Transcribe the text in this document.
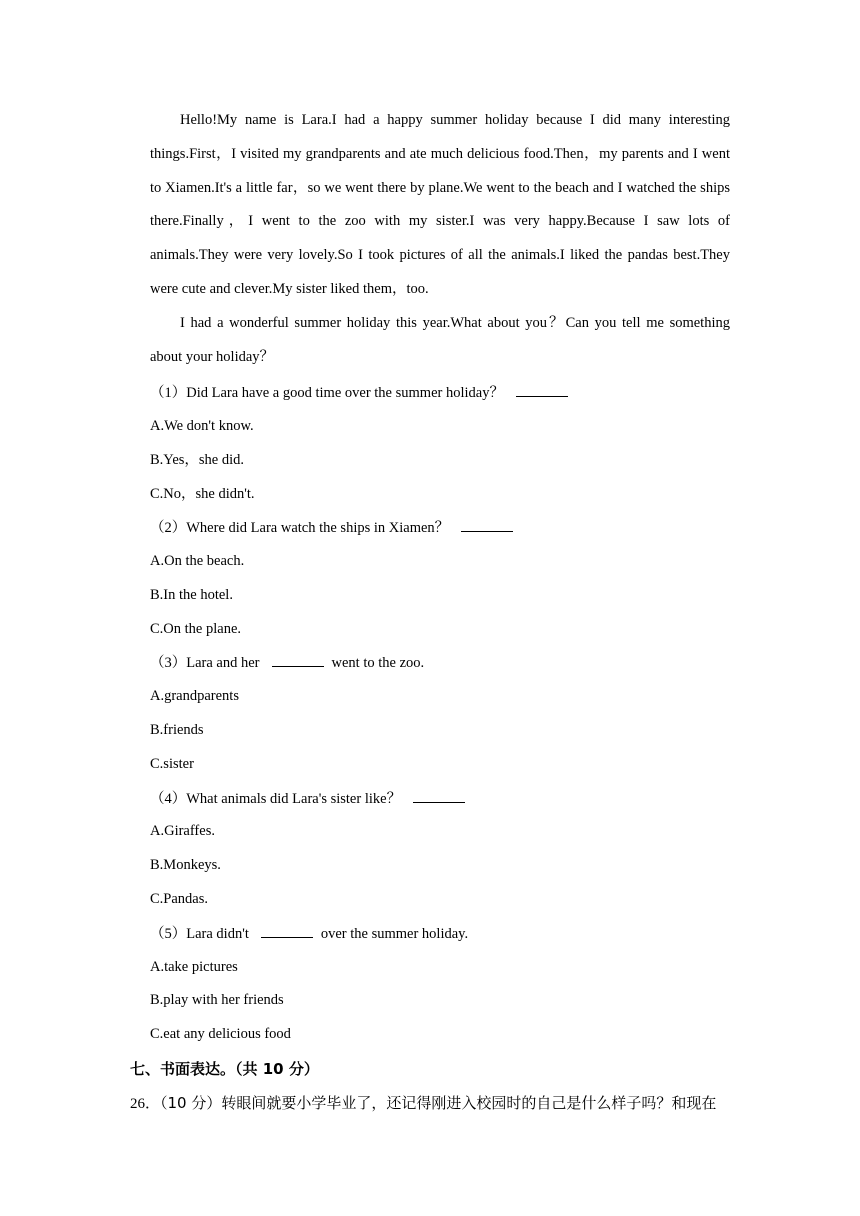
Hello!My name is Lara.I had a happy summer holiday because I did many interesting things.First，I visited my grandparents and ate much delicious food.Then，my parents and I went to Xiamen.It's a little far，so we went there by plane.We went to the beach and I watched the ships there.Finally，I went to the zoo with my sister.I was very happy.Because I saw lots of animals.They were very lovely.So I took pictures of all the animals.I liked the pandas best.They were cute and clever.My sister liked them，too.

I had a wonderful summer holiday this year.What about you？Can you tell me something about your holiday？

（1）Did Lara have a good time over the summer holiday？
A.We don't know.
B.Yes，she did.
C.No，she didn't.
（2）Where did Lara watch the ships in Xiamen？
A.On the beach.
B.In the hotel.
C.On the plane.
（3）Lara and her	went to the zoo.
A.grandparents
B.friends
C.sister
（4）What animals did Lara's sister like？
A.Giraffes.
B.Monkeys.
C.Pandas.
（5）Lara didn't	over the summer holiday.
A.take pictures
B.play with her friends
C.eat any delicious food
七、书面表达。（共 10 分）
26．（10 分）转眼间就要小学毕业了，还记得刚进入校园时的自己是什么样子吗？和现在
